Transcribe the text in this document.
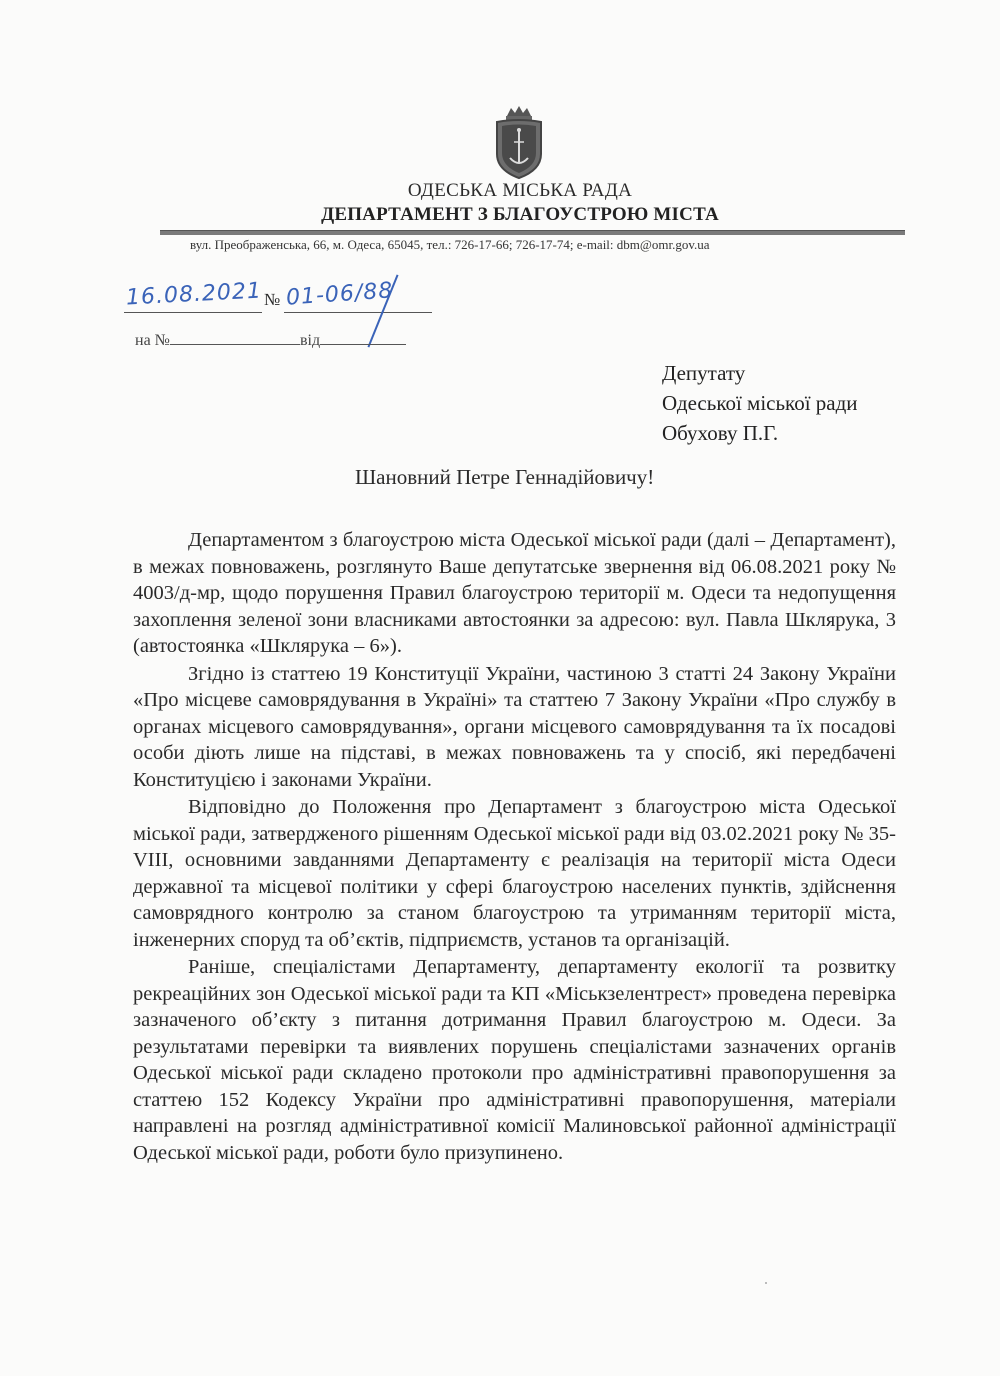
ОДЕСЬКА МІСЬКА РАДА
ДЕПАРТАМЕНТ З БЛАГОУСТРОЮ МІСТА
вул. Преображенська, 66, м. Одеса, 65045, тел.: 726-17-66; 726-17-74; e-mail: dbm@omr.gov.ua
16.08.2021 № 01-06/88
на №	від
Депутату
Одеської міської ради
Обухову П.Г.
Шановний Петре Геннадійовичу!

Департаментом з благоустрою міста Одеської міської ради (далі – Департамент), в межах повноважень, розглянуто Ваше депутатське звернення від 06.08.2021 року № 4003/д-мр, щодо порушення Правил благоустрою території м. Одеси та недопущення захоплення зеленої зони власниками автостоянки за адресою: вул. Павла Шклярука, 3 (автостоянка «Шклярука – 6»).

Згідно із статтею 19 Конституції України, частиною 3 статті 24 Закону України «Про місцеве самоврядування в Україні» та статтею 7 Закону України «Про службу в органах місцевого самоврядування», органи місцевого самоврядування та їх посадові особи діють лише на підставі, в межах повноважень та у спосіб, які передбачені Конституцією і законами України.

Відповідно до Положення про Департамент з благоустрою міста Одеської міської ради, затвердженого рішенням Одеської міської ради від 03.02.2021 року № 35-VIII, основними завданнями Департаменту є реалізація на території міста Одеси державної та місцевої політики у сфері благоустрою населених пунктів, здійснення самоврядного контролю за станом благоустрою та утриманням території міста, інженерних споруд та об’єктів, підприємств, установ та організацій.

Раніше, спеціалістами Департаменту, департаменту екології та розвитку рекреаційних зон Одеської міської ради та КП «Міськзелентрест» проведена перевірка зазначеного об’єкту з питання дотримання Правил благоустрою м. Одеси. За результатами перевірки та виявлених порушень спеціалістами зазначених органів Одеської міської ради складено протоколи про адміністративні правопорушення за статтею 152 Кодексу України про адміністративні правопорушення, матеріали направлені на розгляд адміністративної комісії Малиновської районної адміністрації Одеської міської ради, роботи було призупинено.
